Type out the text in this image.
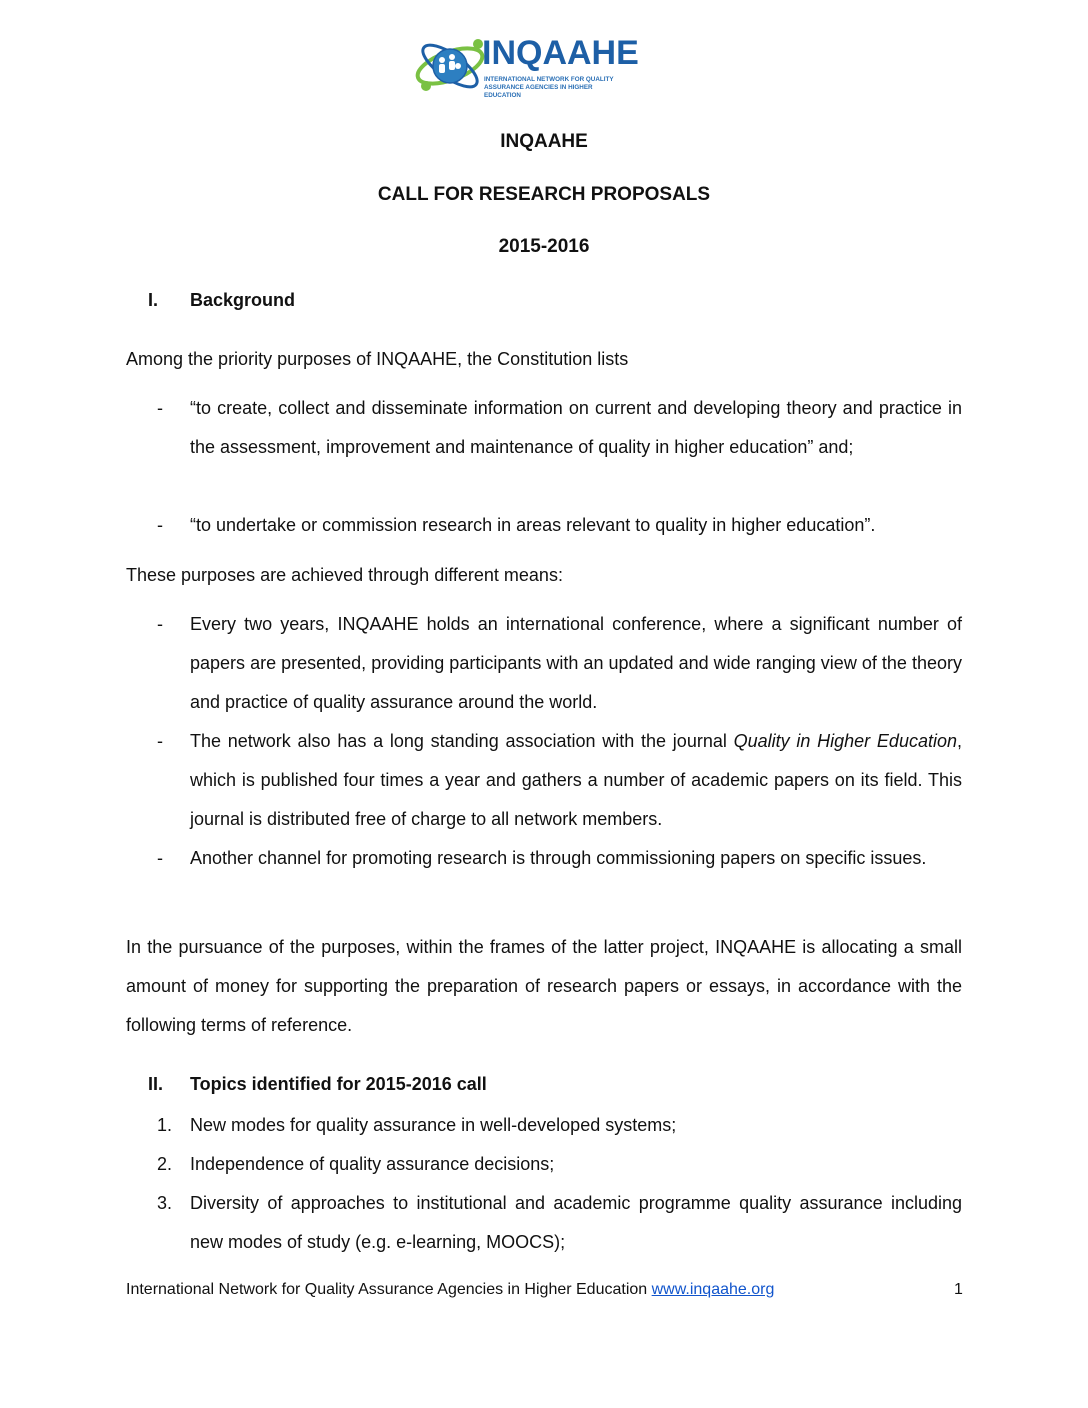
INQAAHE
INTERNATIONAL NETWORK FOR QUALITY ASSURANCE AGENCIES IN HIGHER EDUCATION
INQAAHE
CALL FOR RESEARCH PROPOSALS
2015-2016
I. Background
Among the priority purposes of INQAAHE, the Constitution lists
- “to create, collect and disseminate information on current and developing theory and practice in the assessment, improvement and maintenance of quality in higher education” and;
- “to undertake or commission research in areas relevant to quality in higher education”.
These purposes are achieved through different means:
- Every two years, INQAAHE holds an international conference, where a significant number of papers are presented, providing participants with an updated and wide ranging view of the theory and practice of quality assurance around the world.
- The network also has a long standing association with the journal Quality in Higher Education, which is published four times a year and gathers a number of academic papers on its field. This journal is distributed free of charge to all network members.
- Another channel for promoting research is through commissioning papers on specific issues.
In the pursuance of the purposes, within the frames of the latter project, INQAAHE is allocating a small amount of money for supporting the preparation of research papers or essays, in accordance with the following terms of reference.
II. Topics identified for 2015-2016 call
1. New modes for quality assurance in well-developed systems;
2. Independence of quality assurance decisions;
3. Diversity of approaches to institutional and academic programme quality assurance including new modes of study (e.g. e-learning, MOOCS);
International Network for Quality Assurance Agencies in Higher Education www.inqaahe.org	1
